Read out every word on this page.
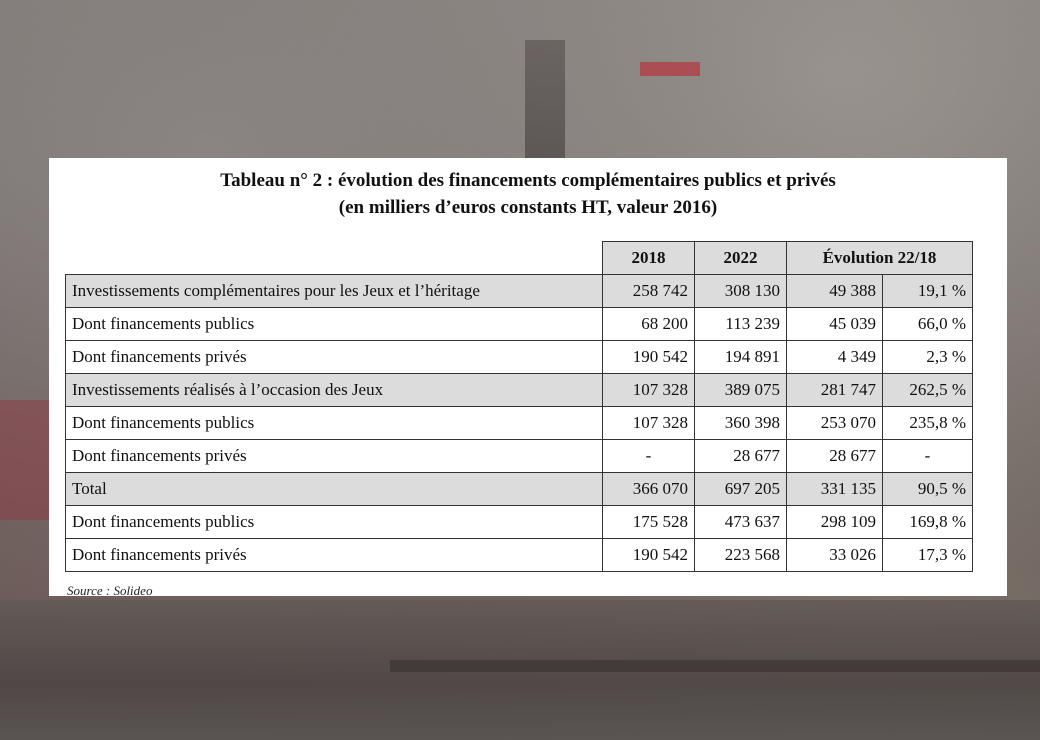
Tableau n° 2 : évolution des financements complémentaires publics et privés
(en milliers d’euros constants HT, valeur 2016)
	2018	2022	Évolution 22/18	
Investissements complémentaires pour les Jeux et l’héritage	258 742	308 130	49 388	19,1 %
Dont financements publics	68 200	113 239	45 039	66,0 %
Dont financements privés	190 542	194 891	4 349	2,3 %
Investissements réalisés à l’occasion des Jeux	107 328	389 075	281 747	262,5 %
Dont financements publics	107 328	360 398	253 070	235,8 %
Dont financements privés	-	28 677	28 677	-
Total	366 070	697 205	331 135	90,5 %
Dont financements publics	175 528	473 637	298 109	169,8 %
Dont financements privés	190 542	223 568	33 026	17,3 %
Source : Solideo
